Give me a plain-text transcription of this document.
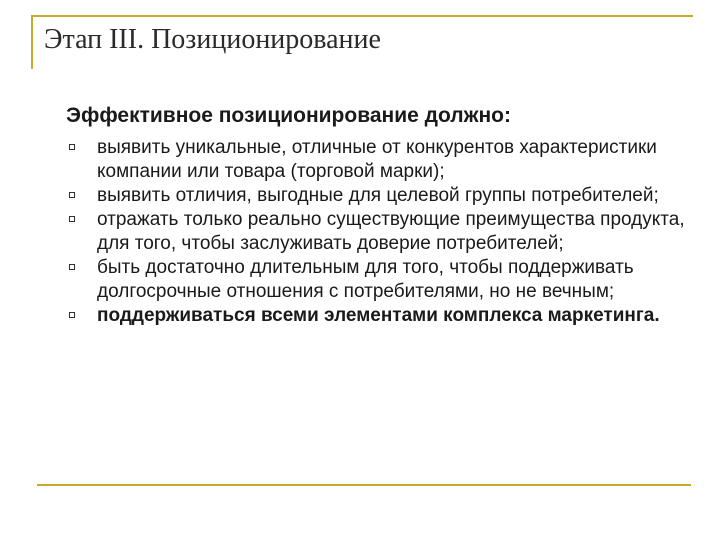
Этап III. Позиционирование
Эффективное позиционирование должно:
выявить уникальные, отличные от конкурентов характеристики компании или товара (торговой марки);
выявить отличия, выгодные для целевой группы потребителей;
отражать только реально существующие преимущества продукта, для того, чтобы заслуживать доверие потребителей;
быть достаточно длительным для того, чтобы поддерживать долгосрочные отношения с потребителями, но не вечным;
поддерживаться всеми элементами комплекса маркетинга.
